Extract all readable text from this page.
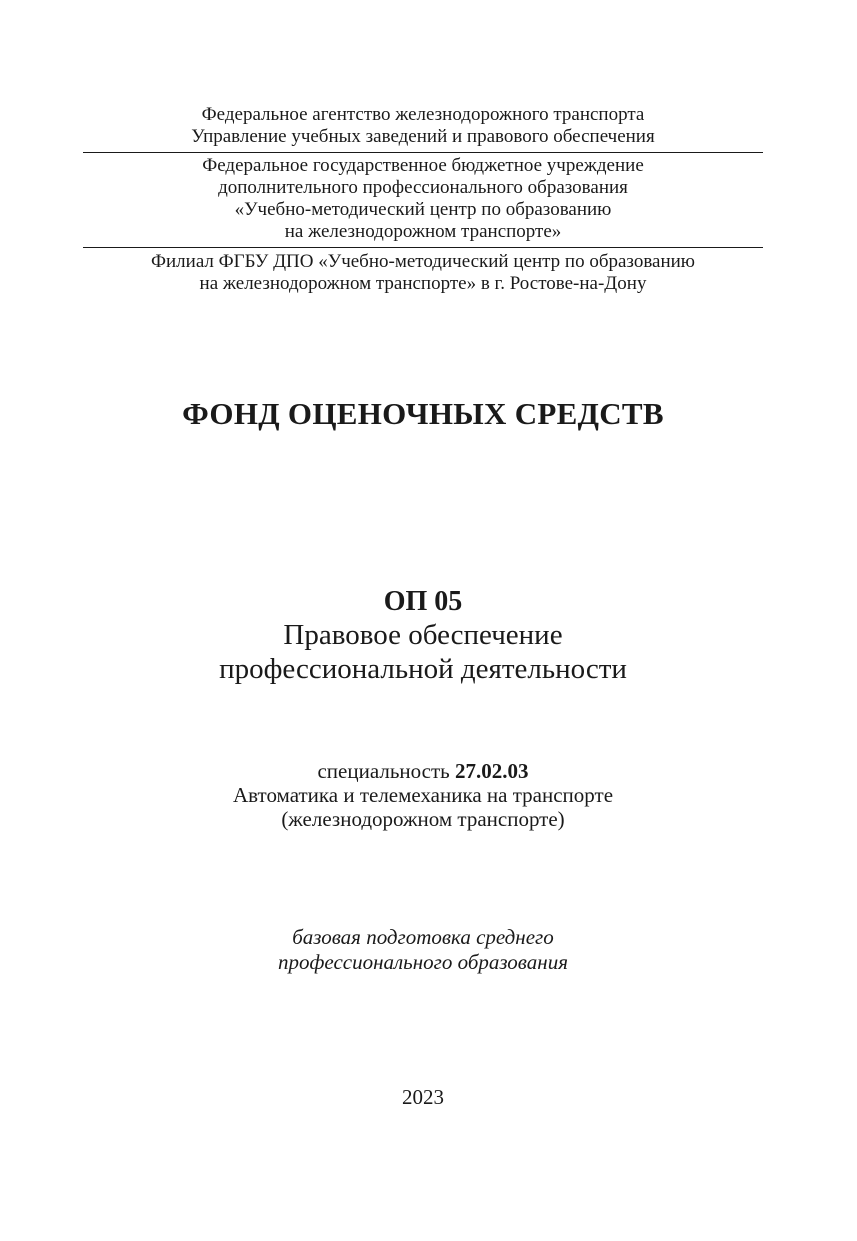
Федеральное агентство железнодорожного транспорта
Управление учебных заведений и правового обеспечения
Федеральное государственное бюджетное учреждение
дополнительного профессионального образования
«Учебно-методический центр по образованию
на железнодорожном транспорте»
Филиал ФГБУ ДПО «Учебно-методический центр по образованию
на железнодорожном транспорте» в г. Ростове-на-Дону
ФОНД ОЦЕНОЧНЫХ СРЕДСТВ
ОП 05
Правовое обеспечение
профессиональной деятельности
специальность 27.02.03
Автоматика и телемеханика на транспорте
(железнодорожном транспорте)
базовая подготовка среднего
профессионального образования
2023
